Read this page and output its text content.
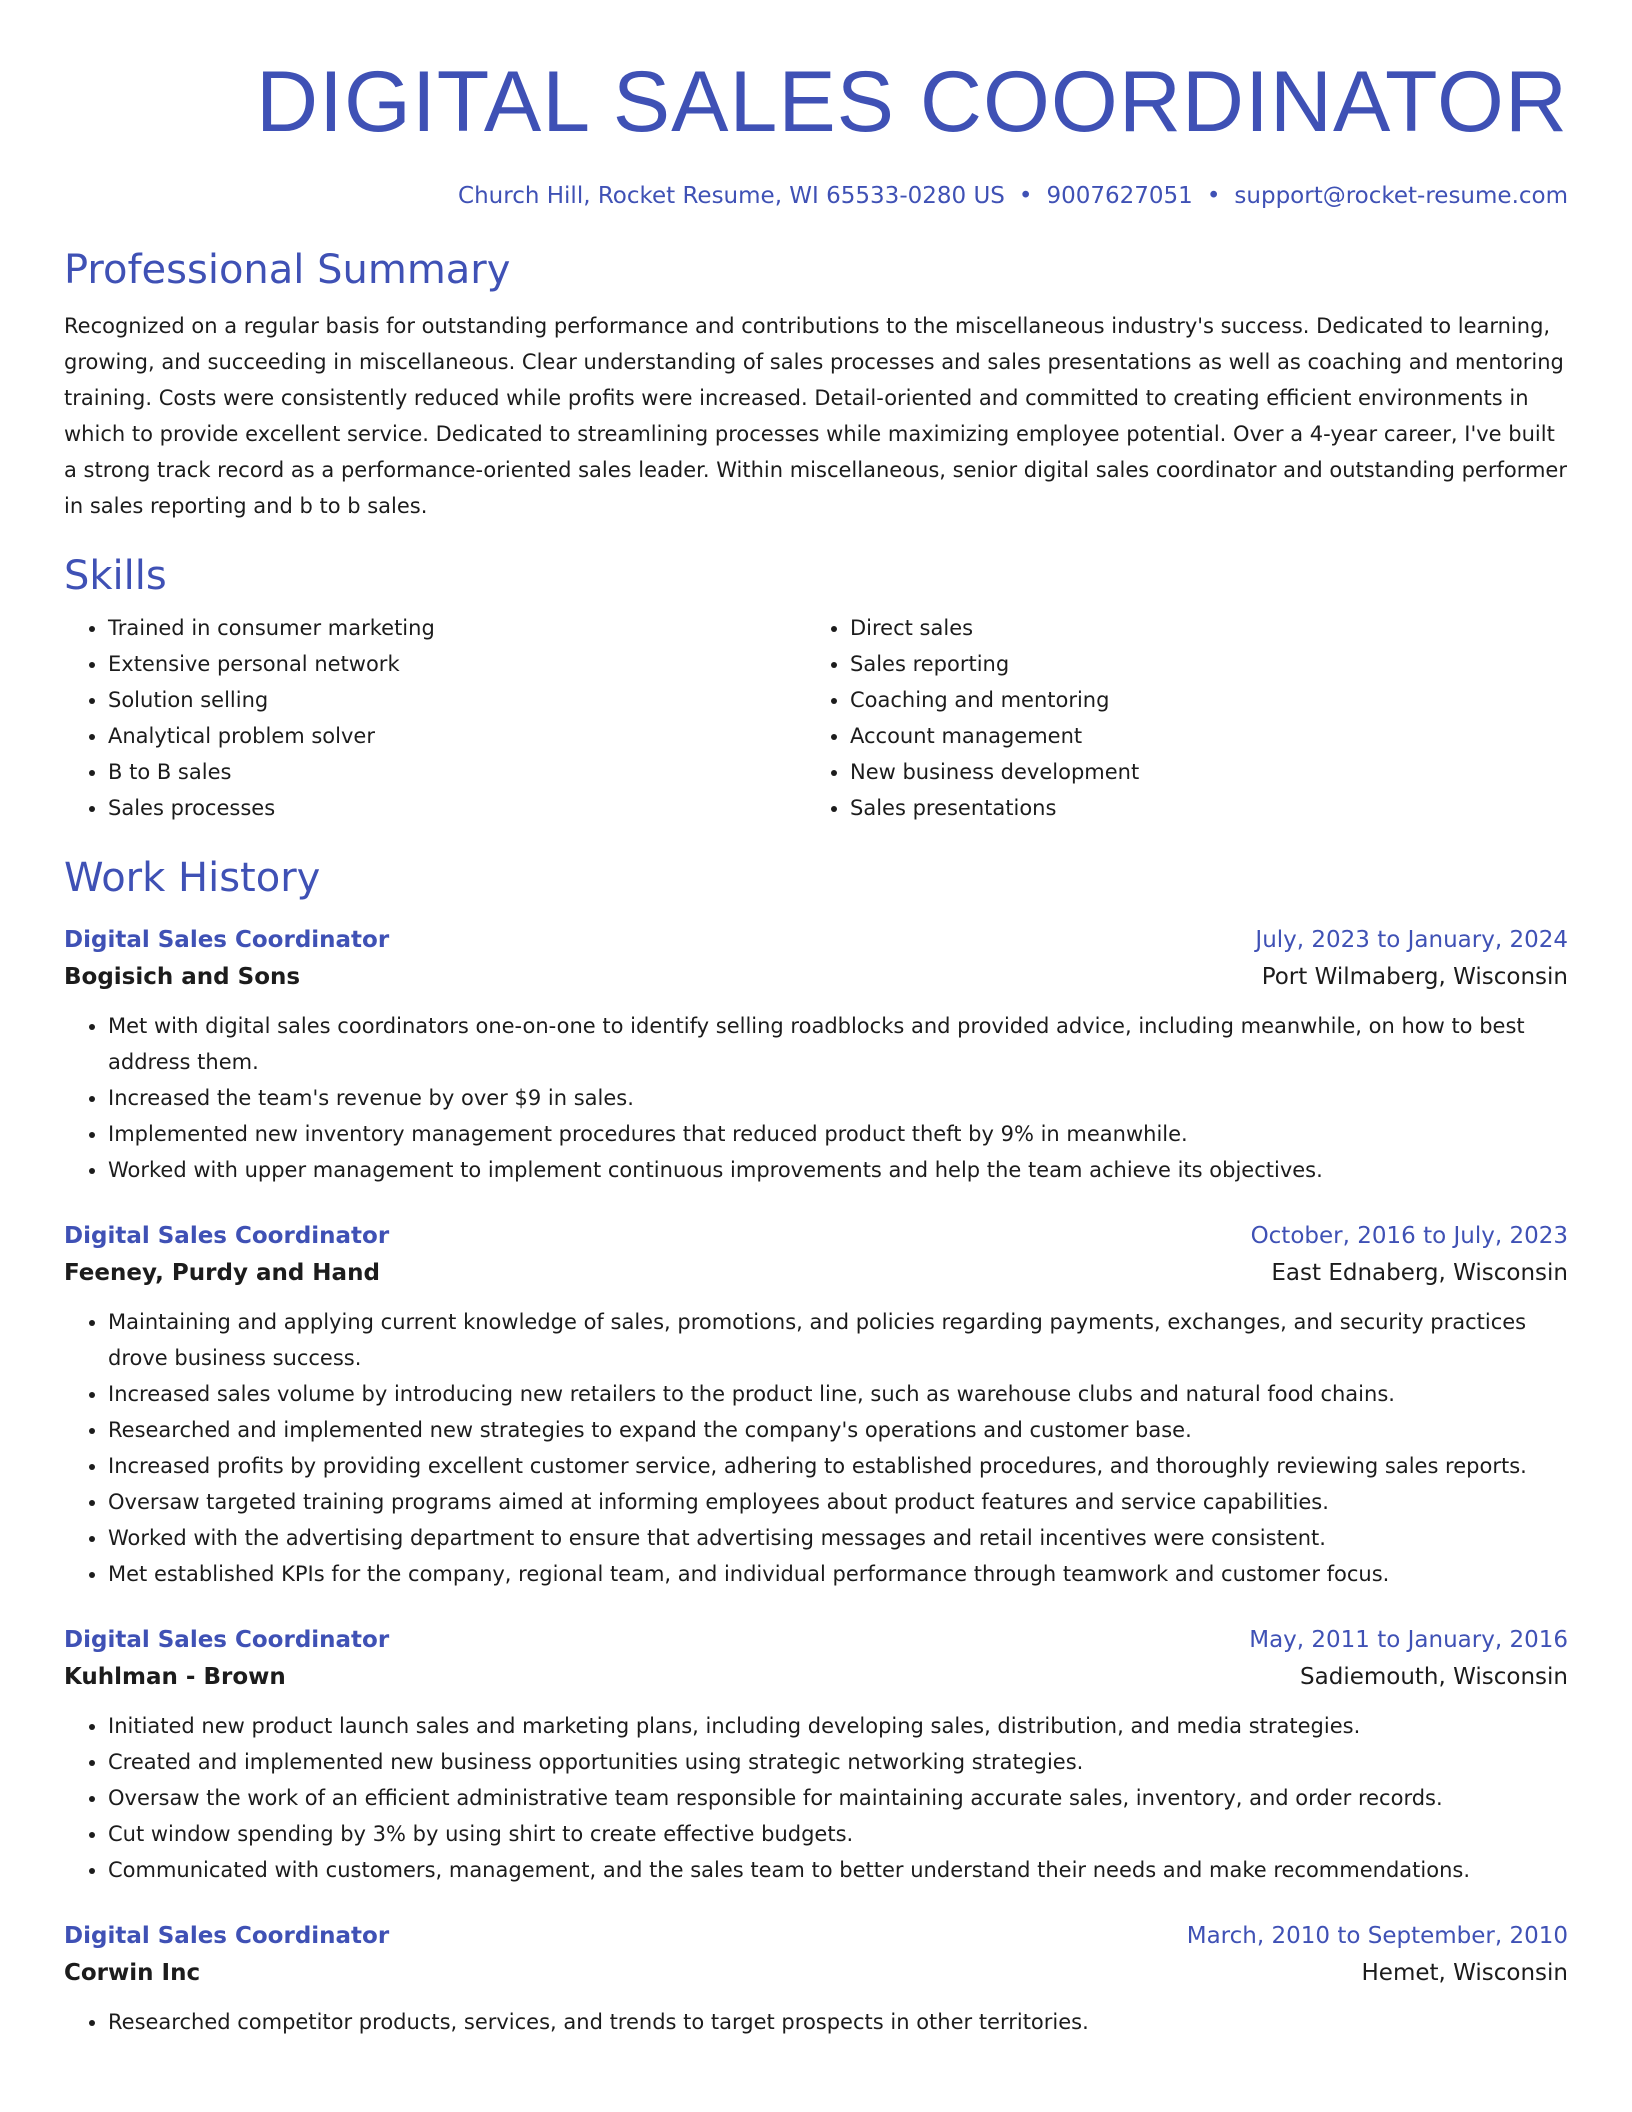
DIGITAL SALES COORDINATOR
Church Hill, Rocket Resume, WI 65533-0280 US • 9007627051 • support@rocket-resume.com
Professional Summary

Recognized on a regular basis for outstanding performance and contributions to the miscellaneous industry's success. Dedicated to learning, growing, and succeeding in miscellaneous. Clear understanding of sales processes and sales presentations as well as coaching and mentoring training. Costs were consistently reduced while profits were increased. Detail-oriented and committed to creating efficient environments in which to provide excellent service. Dedicated to streamlining processes while maximizing employee potential. Over a 4-year career, I've built a strong track record as a performance-oriented sales leader. Within miscellaneous, senior digital sales coordinator and outstanding performer in sales reporting and b to b sales.

Skills
• Trained in consumer marketing
• Extensive personal network
• Solution selling
• Analytical problem solver
• B to B sales
• Sales processes
• Direct sales
• Sales reporting
• Coaching and mentoring
• Account management
• New business development
• Sales presentations
Work History
Digital Sales Coordinator	July, 2023 to January, 2024
Bogisich and Sons	Port Wilmaberg, Wisconsin
• Met with digital sales coordinators one-on-one to identify selling roadblocks and provided advice, including meanwhile, on how to best address them.
• Increased the team's revenue by over $9 in sales.
• Implemented new inventory management procedures that reduced product theft by 9% in meanwhile.
• Worked with upper management to implement continuous improvements and help the team achieve its objectives.
Digital Sales Coordinator	October, 2016 to July, 2023
Feeney, Purdy and Hand	East Ednaberg, Wisconsin
• Maintaining and applying current knowledge of sales, promotions, and policies regarding payments, exchanges, and security practices drove business success.
• Increased sales volume by introducing new retailers to the product line, such as warehouse clubs and natural food chains.
• Researched and implemented new strategies to expand the company's operations and customer base.
• Increased profits by providing excellent customer service, adhering to established procedures, and thoroughly reviewing sales reports.
• Oversaw targeted training programs aimed at informing employees about product features and service capabilities.
• Worked with the advertising department to ensure that advertising messages and retail incentives were consistent.
• Met established KPIs for the company, regional team, and individual performance through teamwork and customer focus.
Digital Sales Coordinator	May, 2011 to January, 2016
Kuhlman - Brown	Sadiemouth, Wisconsin
• Initiated new product launch sales and marketing plans, including developing sales, distribution, and media strategies.
• Created and implemented new business opportunities using strategic networking strategies.
• Oversaw the work of an efficient administrative team responsible for maintaining accurate sales, inventory, and order records.
• Cut window spending by 3% by using shirt to create effective budgets.
• Communicated with customers, management, and the sales team to better understand their needs and make recommendations.
Digital Sales Coordinator	March, 2010 to September, 2010
Corwin Inc	Hemet, Wisconsin
• Researched competitor products, services, and trends to target prospects in other territories.
